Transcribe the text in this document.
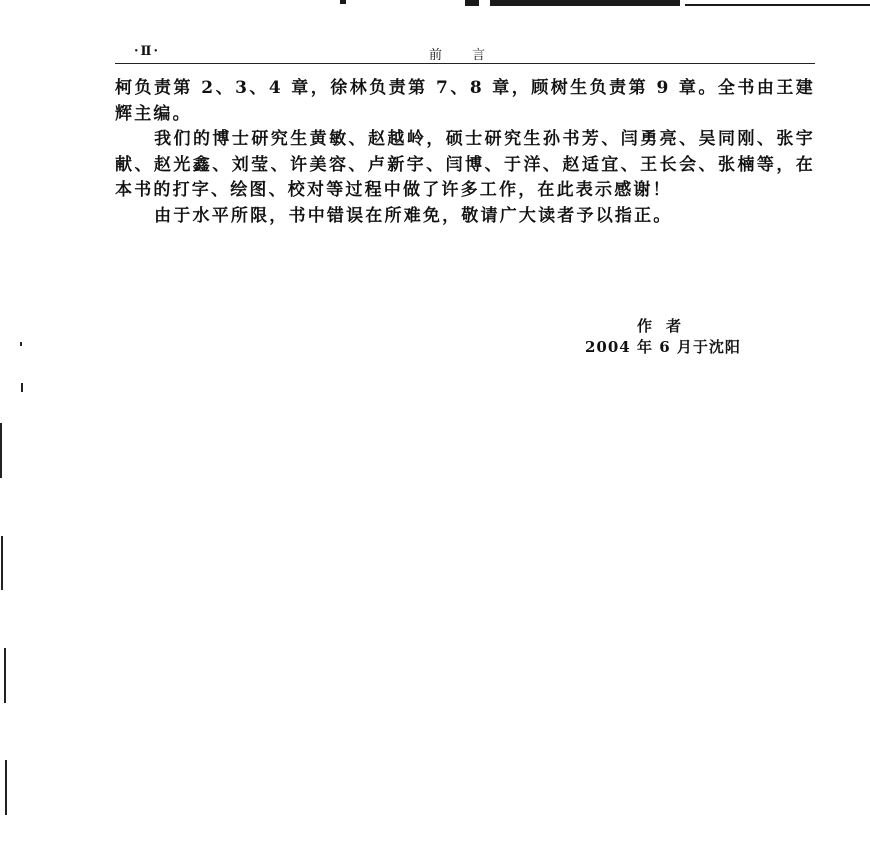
·Ⅱ·	前言

柯负责第 2、3、4 章，徐林负责第 7、8 章，顾树生负责第 9 章。全书由王建辉主编。

我们的博士研究生黄敏、赵越岭，硕士研究生孙书芳、闫勇亮、吴同刚、张宇献、赵光鑫、刘莹、许美容、卢新宇、闫博、于洋、赵适宜、王长会、张楠等，在本书的打字、绘图、校对等过程中做了许多工作，在此表示感谢！

由于水平所限，书中错误在所难免，敬请广大读者予以指正。

作者
2004 年 6 月于沈阳
